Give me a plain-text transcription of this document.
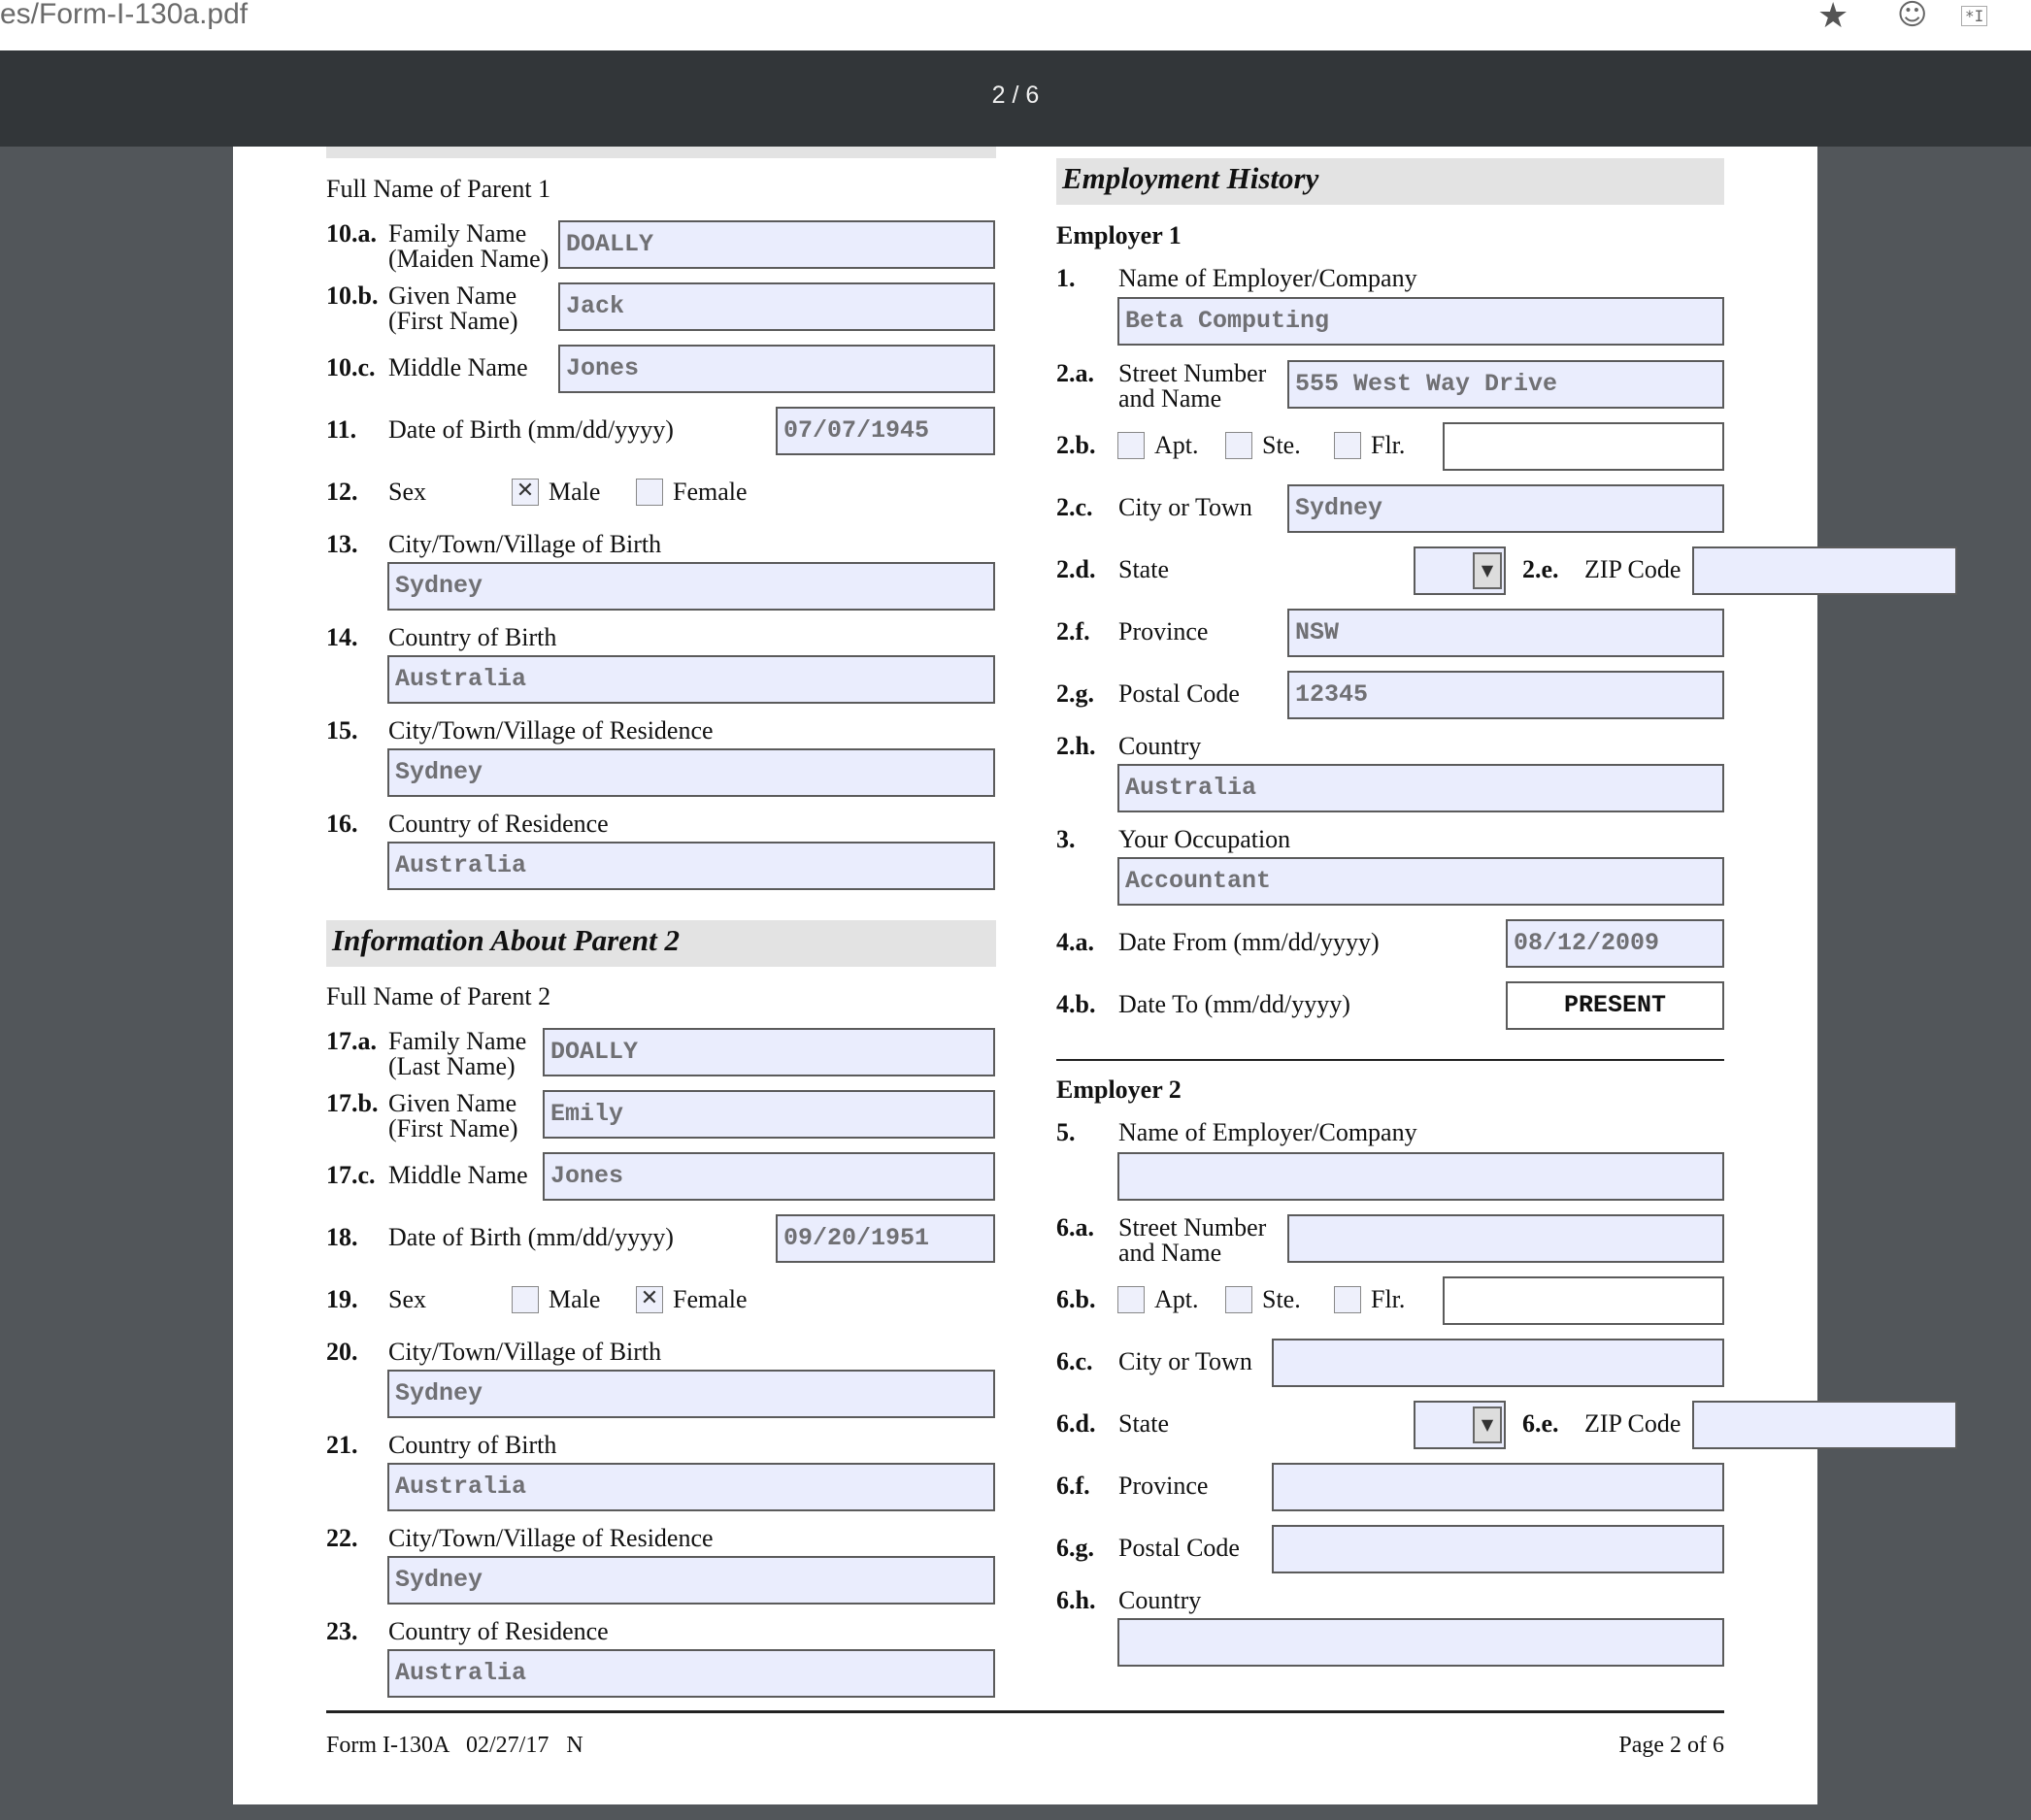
es/Form-I-130a.pdf	★ ☺ *I
2 / 6
Full Name of Parent 1
10.a. Family Name
(Maiden Name)
DOALLY
10.b. Given Name
(First Name)
Jack
10.c. Middle Name	Jones
11. Date of Birth (mm/dd/yyyy)	07/07/1945
12. Sex	✕ Male	Female
13. City/Town/Village of Birth
Sydney
14. Country of Birth
Australia
15. City/Town/Village of Residence
Sydney
16. Country of Residence
Australia
Information About Parent 2
Full Name of Parent 2
17.a. Family Name
(Last Name)
DOALLY
17.b. Given Name
(First Name)
Emily
17.c. Middle Name Jones
18. Date of Birth (mm/dd/yyyy)	09/20/1951
19. Sex	Male ✕ Female
20. City/Town/Village of Birth
Sydney
21. Country of Birth
Australia
22. City/Town/Village of Residence
Sydney
23. Country of Residence
Australia
Employment History
Employer 1
1. Name of Employer/Company
Beta Computing
2.a. Street Number
and Name
555 West Way Drive
2.b. Apt.	Ste.	Flr.
2.c. City or Town	Sydney
2.d. State	▼	2.e. ZIP Code
2.f. Province	NSW
2.g. Postal Code	12345
2.h. Country
Australia
3. Your Occupation
Accountant
4.a. Date From (mm/dd/yyyy)	08/12/2009
4.b. Date To (mm/dd/yyyy)	PRESENT
Employer 2
5. Name of Employer/Company
6.a. Street Number
and Name
6.b. Apt.	Ste.	Flr.
6.c. City or Town
6.d. State	▼	6.e. ZIP Code
6.f. Province
6.g. Postal Code
6.h. Country
Form I-130A   02/27/17   N	Page 2 of 6
